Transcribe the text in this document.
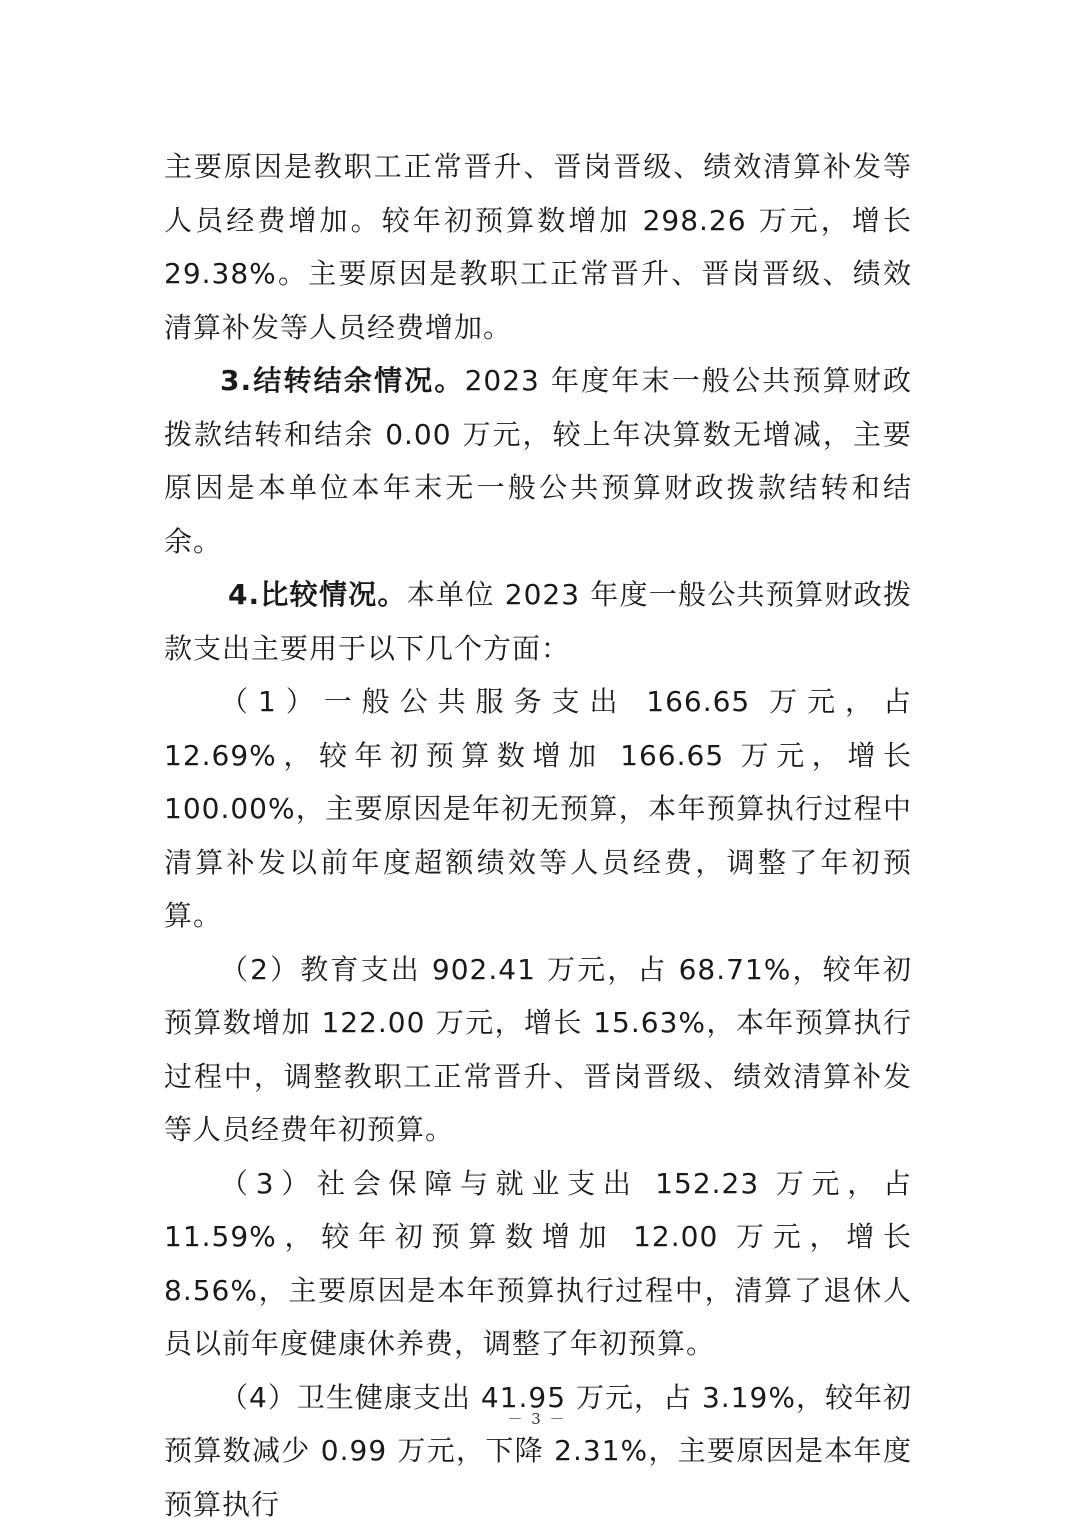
主要原因是教职工正常晋升、晋岗晋级、绩效清算补发等人员经费增加。较年初预算数增加 298.26 万元，增长 29.38%。主要原因是教职工正常晋升、晋岗晋级、绩效清算补发等人员经费增加。

3.结转结余情况。2023 年度年末一般公共预算财政拨款结转和结余 0.00 万元，较上年决算数无增减，主要原因是本单位本年末无一般公共预算财政拨款结转和结余。

4.比较情况。本单位 2023 年度一般公共预算财政拨款支出主要用于以下几个方面：

（1）一般公共服务支出 166.65 万元，占 12.69%，较年初预算数增加 166.65 万元，增长 100.00%，主要原因是年初无预算，本年预算执行过程中清算补发以前年度超额绩效等人员经费，调整了年初预算。

（2）教育支出 902.41 万元，占 68.71%，较年初预算数增加 122.00 万元，增长 15.63%，本年预算执行过程中，调整教职工正常晋升、晋岗晋级、绩效清算补发等人员经费年初预算。

（3）社会保障与就业支出 152.23 万元，占 11.59%，较年初预算数增加 12.00 万元，增长 8.56%，主要原因是本年预算执行过程中，清算了退休人员以前年度健康休养费，调整了年初预算。

（4）卫生健康支出 41.95 万元，占 3.19%，较年初预算数减少 0.99 万元，下降 2.31%，主要原因是本年度预算执行

－ 3 －
